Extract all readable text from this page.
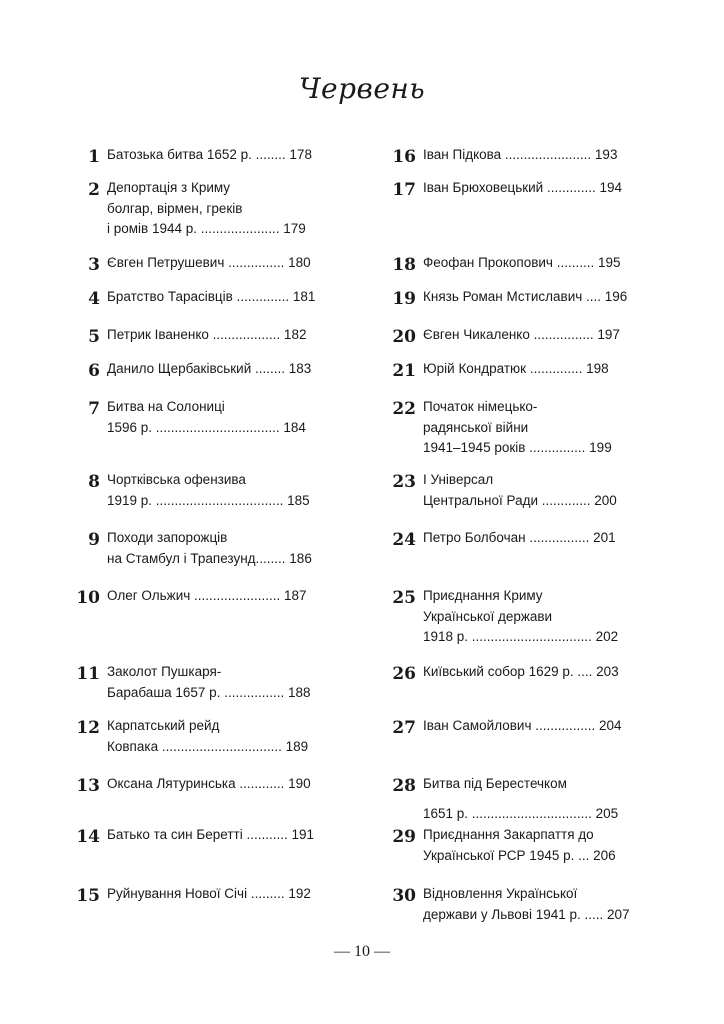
Червень
1 Батозька битва 1652 р. ........ 178
2 Депортація з Криму
болгар, вірмен, греків
і ромів 1944 р. ..................... 179
3 Євген Петрушевич ............... 180
4 Братство Тарасівців .............. 181
5 Петрик Іваненко .................. 182
6 Данило Щербаківський ........ 183
7 Битва на Солониці
1596 р. ................................. 184
8 Чортківська офензива
1919 р. .................................. 185
9 Походи запорожців
на Стамбул і Трапезунд........ 186
10 Олег Ольжич ....................... 187
11 Заколот Пушкаря-
Барабаша 1657 р. ................ 188
12 Карпатський рейд
Ковпака ................................ 189
13 Оксана Лятуринська ............ 190
14 Батько та син Беретті ........... 191
15 Руйнування Нової Січі ......... 192
16 Іван Підкова ....................... 193
17 Іван Брюховецький ............. 194
18 Феофан Прокопович .......... 195
19 Князь Роман Мстиславич .... 196
20 Євген Чикаленко ................ 197
21 Юрій Кондратюк .............. 198
22 Початок німецько-
радянської війни
1941–1945 років ............... 199
23 І Універсал
Центральної Ради ............. 200
24 Петро Болбочан ................ 201
25 Приєднання Криму
Української держави
1918 р. ................................ 202
26 Київський собор 1629 р. .... 203
27 Іван Самойлович ................ 204
28 Битва під Берестечком
1651 р. ................................ 205
29 Приєднання Закарпаття до
Української РСР 1945 р. ... 206
30 Відновлення Української
держави у Львові 1941 р. ..... 207
— 10 —
